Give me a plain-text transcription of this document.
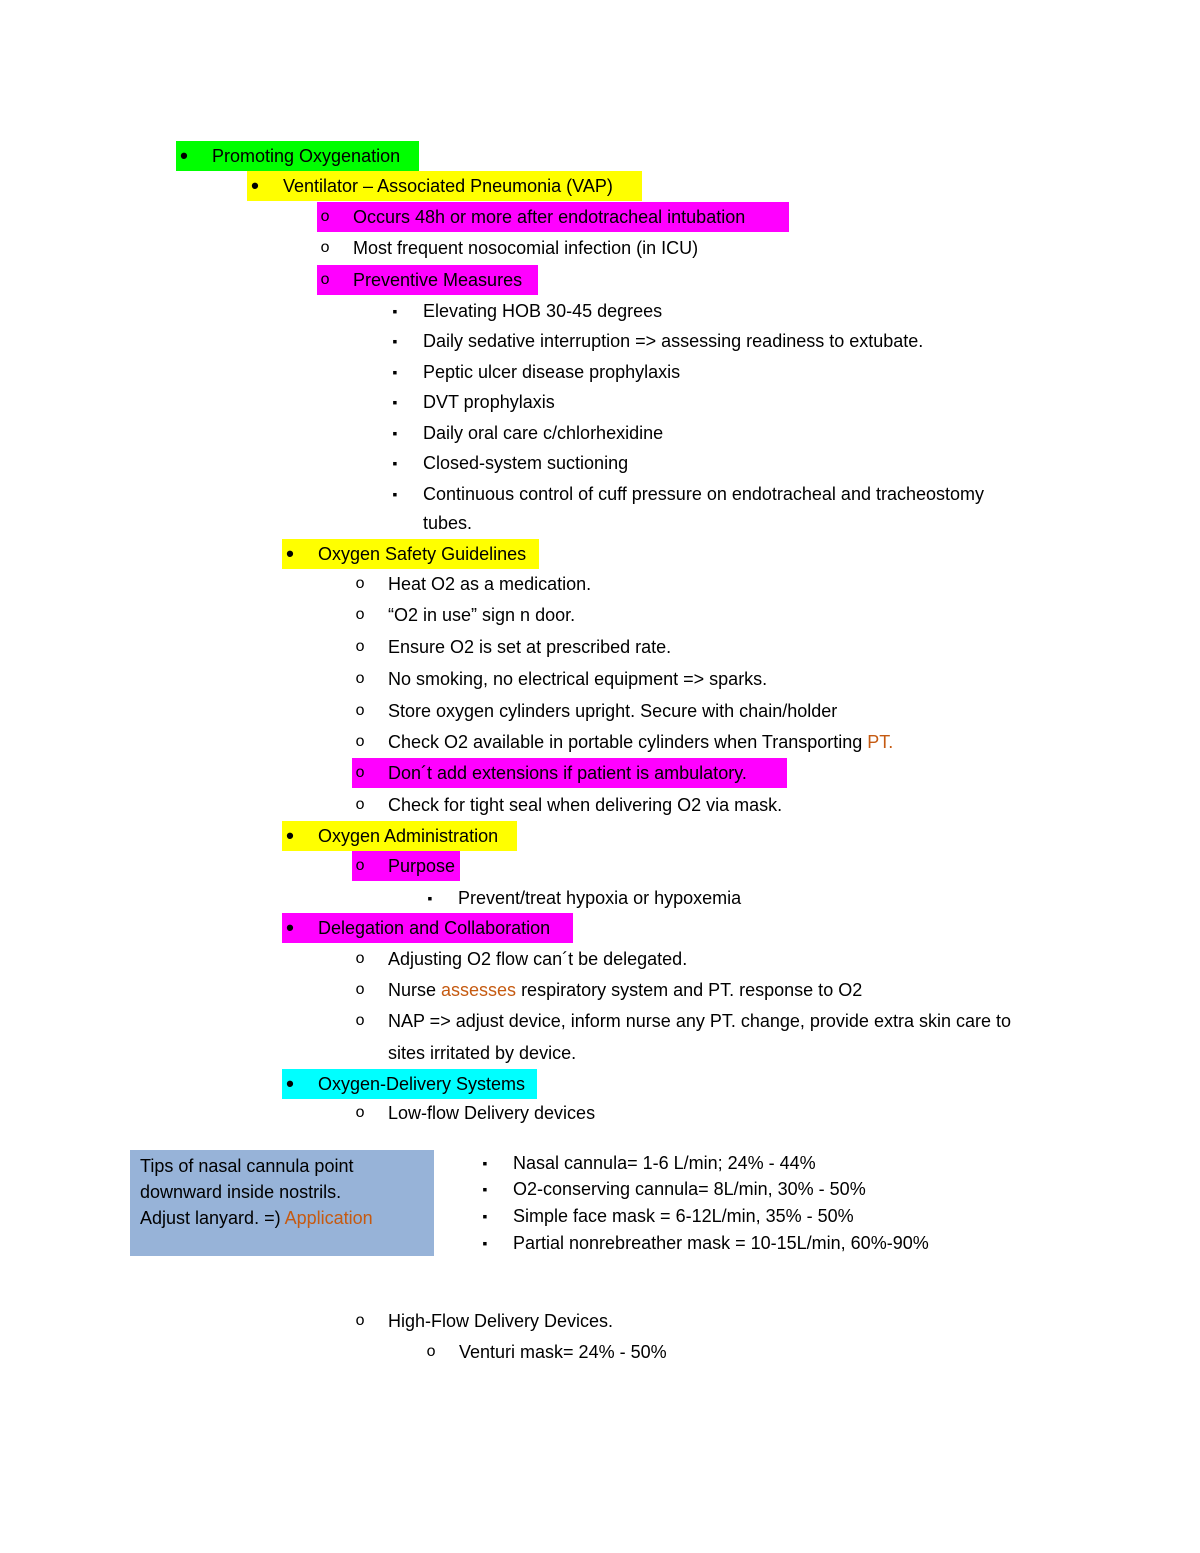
• Promoting Oxygenation
• Ventilator – Associated Pneumonia (VAP)
o Occurs 48h or more after endotracheal intubation
o Most frequent nosocomial infection (in ICU)
o Preventive Measures
▪ Elevating HOB 30-45 degrees
▪ Daily sedative interruption => assessing readiness to extubate.
▪ Peptic ulcer disease prophylaxis
▪ DVT prophylaxis
▪ Daily oral care c/chlorhexidine
▪ Closed-system suctioning
▪ Continuous control of cuff pressure on endotracheal and tracheostomy
tubes.
• Oxygen Safety Guidelines
o Heat O2 as a medication.
o “O2 in use” sign n door.
o Ensure O2 is set at prescribed rate.
o No smoking, no electrical equipment => sparks.
o Store oxygen cylinders upright. Secure with chain/holder
o Check O2 available in portable cylinders when Transporting PT.
o Don´t add extensions if patient is ambulatory.
o Check for tight seal when delivering O2 via mask.
• Oxygen Administration
o Purpose
▪ Prevent/treat hypoxia or hypoxemia
• Delegation and Collaboration
o Adjusting O2 flow can´t be delegated.
o Nurse assesses respiratory system and PT. response to O2
o NAP => adjust device, inform nurse any PT. change, provide extra skin care to
sites irritated by device.
• Oxygen-Delivery Systems
o Low-flow Delivery devices
Tips of nasal cannula point
downward inside nostrils.
Adjust lanyard. =) Application
▪ Nasal cannula= 1-6 L/min; 24% - 44%
▪ O2-conserving cannula= 8L/min, 30% - 50%
▪ Simple face mask = 6-12L/min, 35% - 50%
▪ Partial nonrebreather mask = 10-15L/min, 60%-90%
o High-Flow Delivery Devices.
o Venturi mask= 24% - 50%
